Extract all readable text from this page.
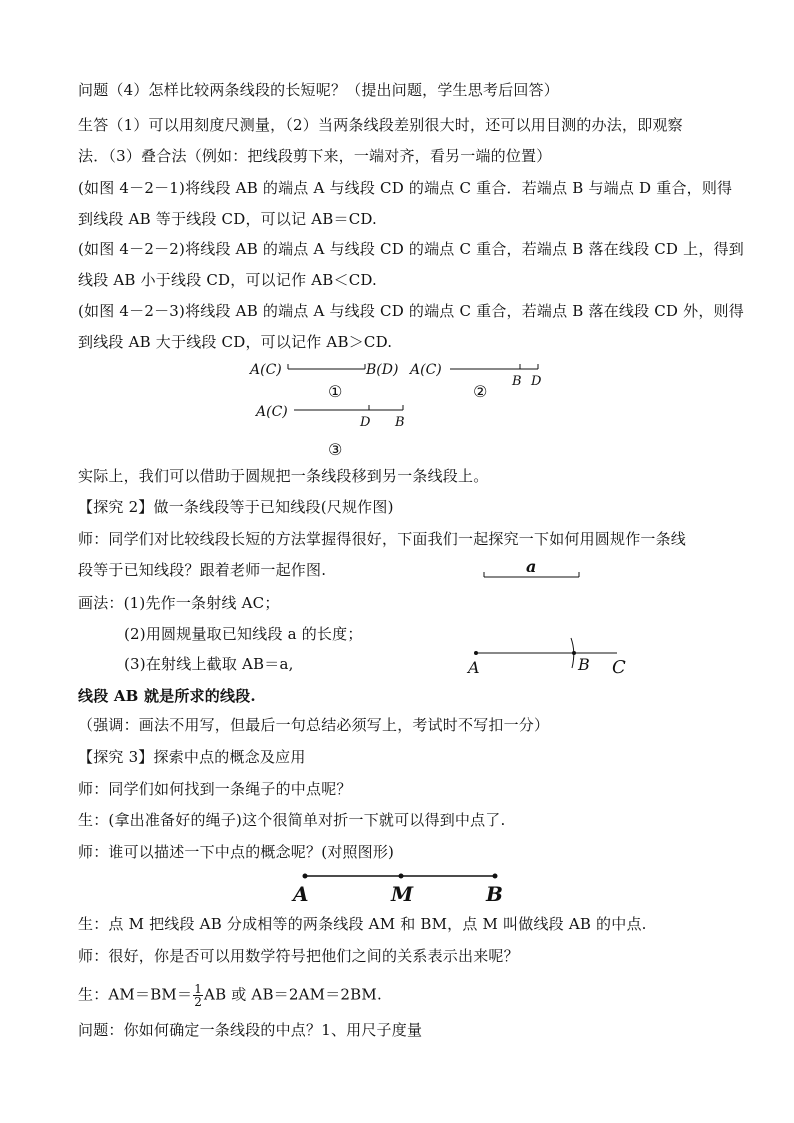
问题（4）怎样比较两条线段的长短呢？（提出问题，学生思考后回答）
生答（1）可以用刻度尺测量，（2）当两条线段差别很大时，还可以用目测的办法，即观察
法．（3）叠合法（例如：把线段剪下来，一端对齐，看另一端的位置）
(如图 4－2－1)将线段 AB 的端点 A 与线段 CD 的端点 C 重合．若端点 B 与端点 D 重合，则得
到线段 AB 等于线段 CD，可以记 AB＝CD.
(如图 4－2－2)将线段 AB 的端点 A 与线段 CD 的端点 C 重合，若端点 B 落在线段 CD 上，得到
线段 AB 小于线段 CD，可以记作 AB＜CD.
(如图 4－2－3)将线段 AB 的端点 A 与线段 CD 的端点 C 重合，若端点 B 落在线段 CD 外，则得
到线段 AB 大于线段 CD，可以记作 AB＞CD.
A(C)	B(D)
①
A(C)
B D
②
A(C)
D B
③
实际上，我们可以借助于圆规把一条线段移到另一条线段上。
【探究 2】做一条线段等于已知线段(尺规作图)
师：同学们对比较线段长短的方法掌握得很好，下面我们一起探究一下如何用圆规作一条线
段等于已知线段？跟着老师一起作图.
画法：(1)先作一条射线 AC；
(2)用圆规量取已知线段 a 的长度；
(3)在射线上截取 AB＝a,
线段 AB 就是所求的线段.
（强调：画法不用写，但最后一句总结必须写上，考试时不写扣一分）
【探究 3】探索中点的概念及应用
师：同学们如何找到一条绳子的中点呢？
生：(拿出准备好的绳子)这个很简单对折一下就可以得到中点了.
师：谁可以描述一下中点的概念呢？(对照图形)
a
A	B C
A	M	B
生：点 M 把线段 AB 分成相等的两条线段 AM 和 BM，点 M 叫做线段 AB 的中点.
师：很好，你是否可以用数学符号把他们之间的关系表示出来呢？
生：$AM=BM= \frac{1}{2}$ AB 或 AB＝2AM＝2BM.
问题：你如何确定一条线段的中点？1、用尺子度量
